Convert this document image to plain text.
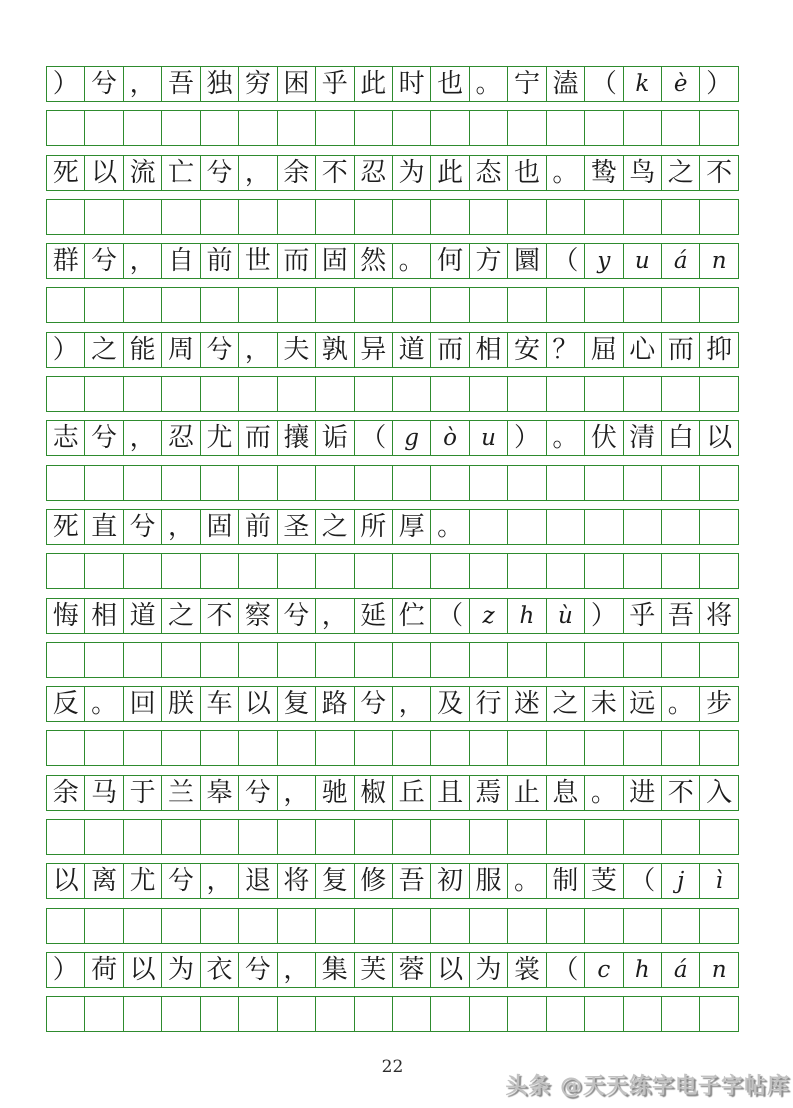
） 兮 ， 吾 独 穷 困 乎 此 时 也 。 宁 溘 （ k	è ）
死 以 流 亡 兮 ， 余 不 忍 为 此 态 也 。 鸷 鸟 之 不
群 兮 ， 自 前 世 而 固 然 。 何 方 圜 （ y	u	á	n
） 之 能 周 兮 ， 夫 孰 异 道 而 相 安 ？ 屈 心 而 抑
志 兮 ， 忍 尤 而 攘 诟 （ g	ò	u ） 。 伏 清 白 以
死 直 兮 ， 固 前 圣 之 所 厚 。
悔 相 道 之 不 察 兮 ， 延 伫 （ z	h	ù ） 乎 吾 将
反 。 回 朕 车 以 复 路 兮 ， 及 行 迷 之 未 远 。 步
余 马 于 兰 皋 兮 ， 驰 椒 丘 且 焉 止 息 。 进 不 入
以 离 尤 兮 ， 退 将 复 修 吾 初 服 。 制 芰 （ j	ì
） 荷 以 为 衣 兮 ， 集 芙 蓉 以 为 裳 （ c	h	á	n
22
头条 @天天练字电子字帖库
